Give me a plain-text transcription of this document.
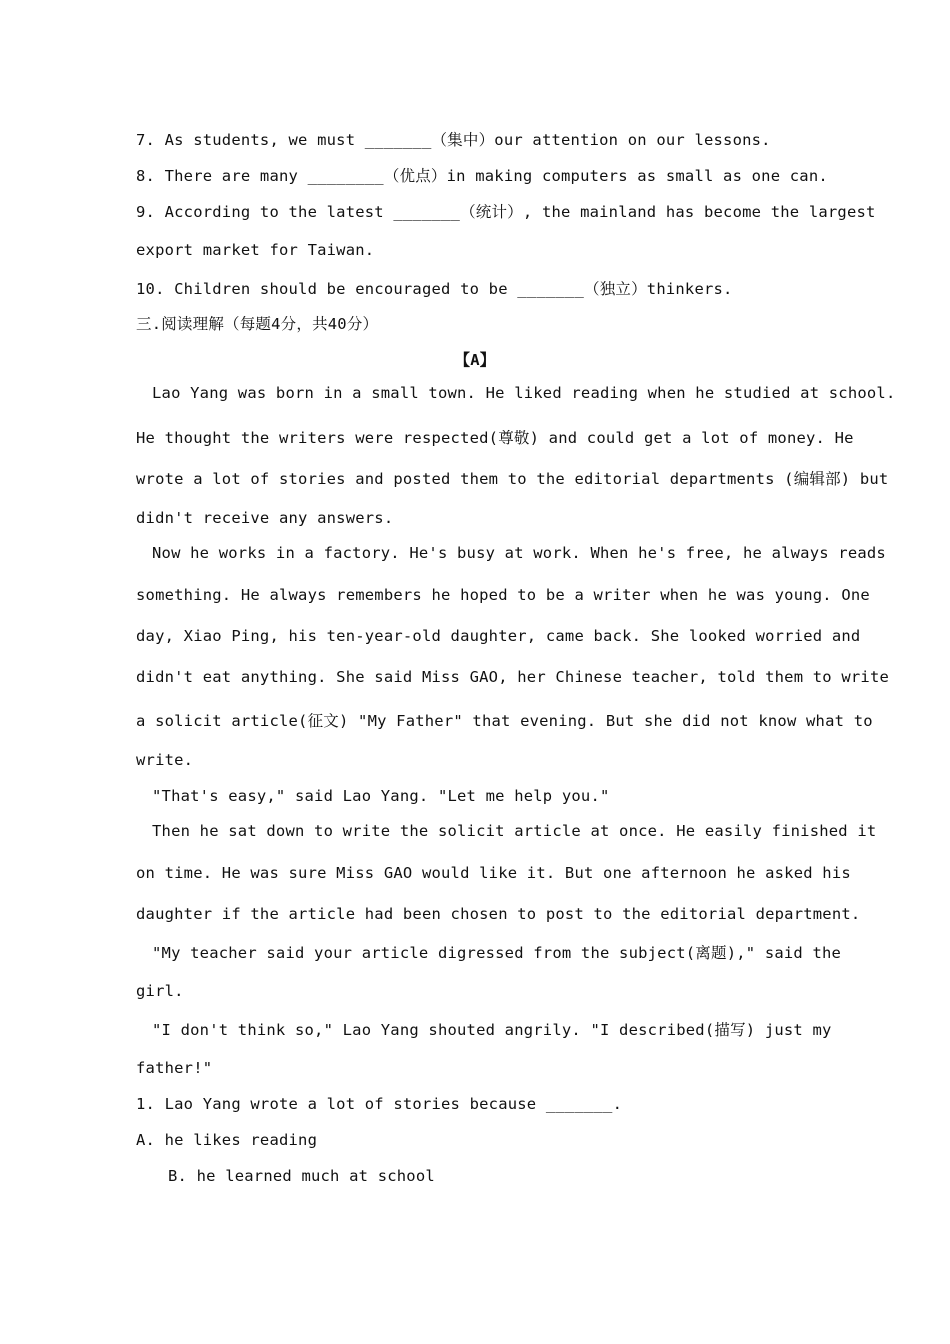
7. As students, we must _______（集中）our attention on our lessons.
8. There are many ________（优点）in making computers as small as one can.
9. According to the latest _______（统计）, the mainland has become the largest
export market for Taiwan.
10. Children should be encouraged to be _______（独立）thinkers.
三.阅读理解（每题4分，共40分）
【A】
Lao Yang was born in a small town. He liked reading when he studied at school.
He thought the writers were respected(尊敬) and could get a lot of money. He
wrote a lot of stories and posted them to the editorial departments (编辑部) but
didn't receive any answers.
Now he works in a factory. He's busy at work. When he's free, he always reads
something. He always remembers he hoped to be a writer when he was young. One
day, Xiao Ping, his ten-year-old daughter, came back. She looked worried and
didn't eat anything. She said Miss GAO, her Chinese teacher, told them to write
a solicit article(征文) "My Father" that evening. But she did not know what to
write.
"That's easy," said Lao Yang. "Let me help you."
Then he sat down to write the solicit article at once. He easily finished it
on time. He was sure Miss GAO would like it. But one afternoon he asked his
daughter if the article had been chosen to post to the editorial department.
"My teacher said your article digressed from the subject(离题)," said the
girl.
"I don't think so," Lao Yang shouted angrily. "I described(描写) just my
father!"
1. Lao Yang wrote a lot of stories because _______.
A. he likes reading
B. he learned much at school
